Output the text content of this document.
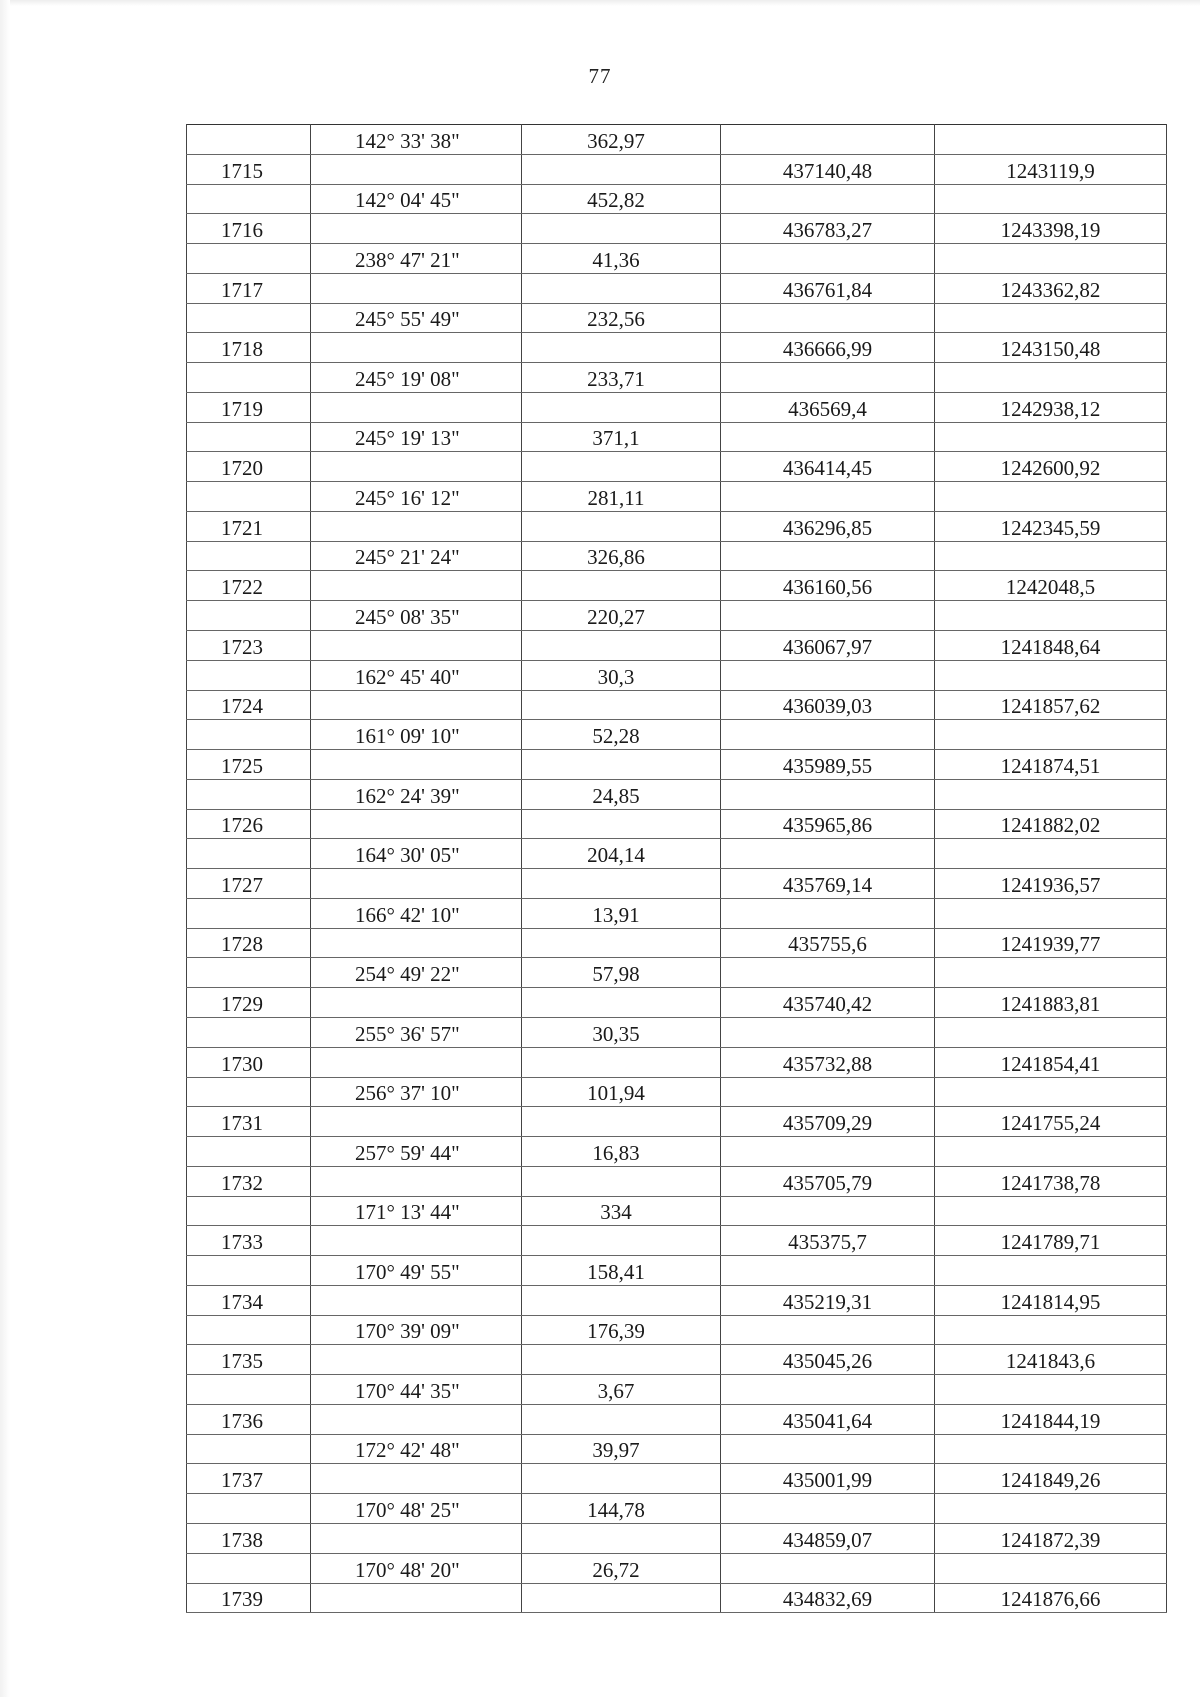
77
	142° 33' 38"	362,97		
1715			437140,48	1243119,9
	142° 04' 45"	452,82		
1716			436783,27	1243398,19
	238° 47' 21"	41,36		
1717			436761,84	1243362,82
	245° 55' 49"	232,56		
1718			436666,99	1243150,48
	245° 19' 08"	233,71		
1719			436569,4	1242938,12
	245° 19' 13"	371,1		
1720			436414,45	1242600,92
	245° 16' 12"	281,11		
1721			436296,85	1242345,59
	245° 21' 24"	326,86		
1722			436160,56	1242048,5
	245° 08' 35"	220,27		
1723			436067,97	1241848,64
	162° 45' 40"	30,3		
1724			436039,03	1241857,62
	161° 09' 10"	52,28		
1725			435989,55	1241874,51
	162° 24' 39"	24,85		
1726			435965,86	1241882,02
	164° 30' 05"	204,14		
1727			435769,14	1241936,57
	166° 42' 10"	13,91		
1728			435755,6	1241939,77
	254° 49' 22"	57,98		
1729			435740,42	1241883,81
	255° 36' 57"	30,35		
1730			435732,88	1241854,41
	256° 37' 10"	101,94		
1731			435709,29	1241755,24
	257° 59' 44"	16,83		
1732			435705,79	1241738,78
	171° 13' 44"	334		
1733			435375,7	1241789,71
	170° 49' 55"	158,41		
1734			435219,31	1241814,95
	170° 39' 09"	176,39		
1735			435045,26	1241843,6
	170° 44' 35"	3,67		
1736			435041,64	1241844,19
	172° 42' 48"	39,97		
1737			435001,99	1241849,26
	170° 48' 25"	144,78		
1738			434859,07	1241872,39
	170° 48' 20"	26,72		
1739			434832,69	1241876,66
